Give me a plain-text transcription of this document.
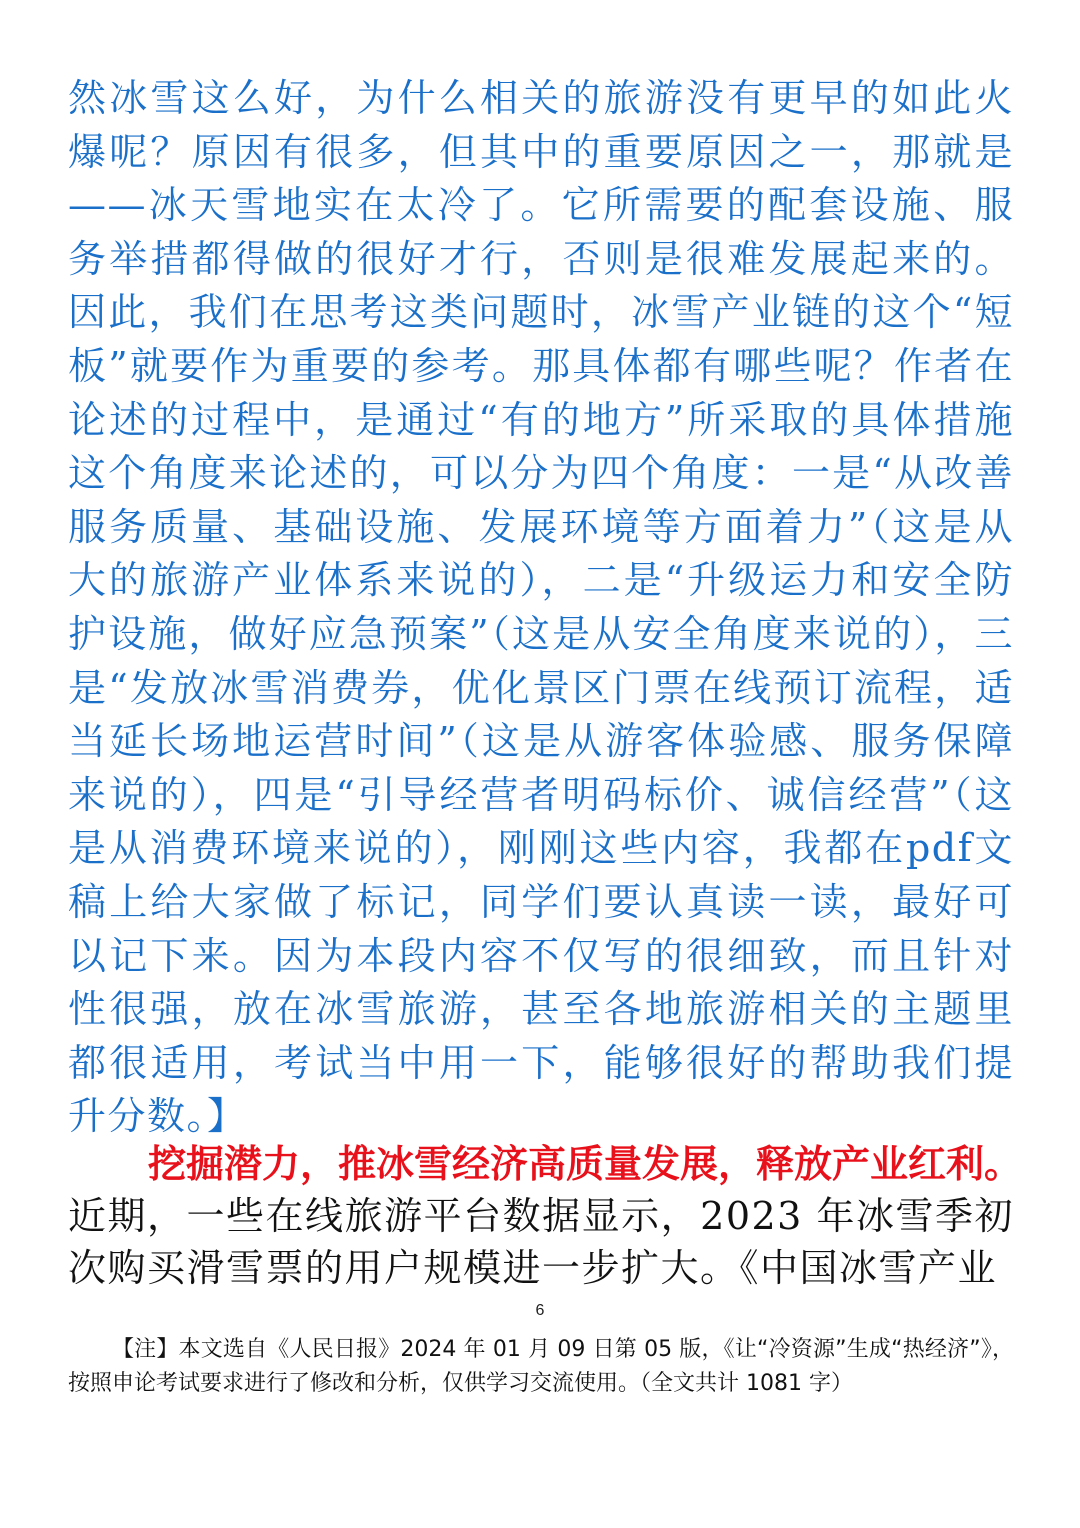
然冰雪这么好，为什么相关的旅游没有更早的如此火爆呢？原因有很多，但其中的重要原因之一，那就是——冰天雪地实在太冷了。它所需要的配套设施、服务举措都得做的很好才行，否则是很难发展起来的。因此，我们在思考这类问题时，冰雪产业链的这个“短板”就要作为重要的参考。那具体都有哪些呢？作者在论述的过程中，是通过“有的地方”所采取的具体措施这个角度来论述的，可以分为四个角度：一是“从改善服务质量、基础设施、发展环境等方面着力”（这是从大的旅游产业体系来说的），二是“升级运力和安全防护设施，做好应急预案”（这是从安全角度来说的），三是“发放冰雪消费券，优化景区门票在线预订流程，适当延长场地运营时间”（这是从游客体验感、服务保障来说的），四是“引导经营者明码标价、诚信经营”（这是从消费环境来说的），刚刚这些内容，我都在pdf文稿上给大家做了标记，同学们要认真读一读，最好可以记下来。因为本段内容不仅写的很细致，而且针对性很强，放在冰雪旅游，甚至各地旅游相关的主题里都很适用，考试当中用一下，能够很好的帮助我们提升分数。】
挖掘潜力，推冰雪经济高质量发展，释放产业红利。
近期，一些在线旅游平台数据显示，2023 年冰雪季初次购买滑雪票的用户规模进一步扩大。《中国冰雪产业
6
【注】本文选自《人民日报》2024 年 01 月 09 日第 05 版，《让“冷资源”生成“热经济”》，按照申论考试要求进行了修改和分析，仅供学习交流使用。（全文共计 1081 字）
